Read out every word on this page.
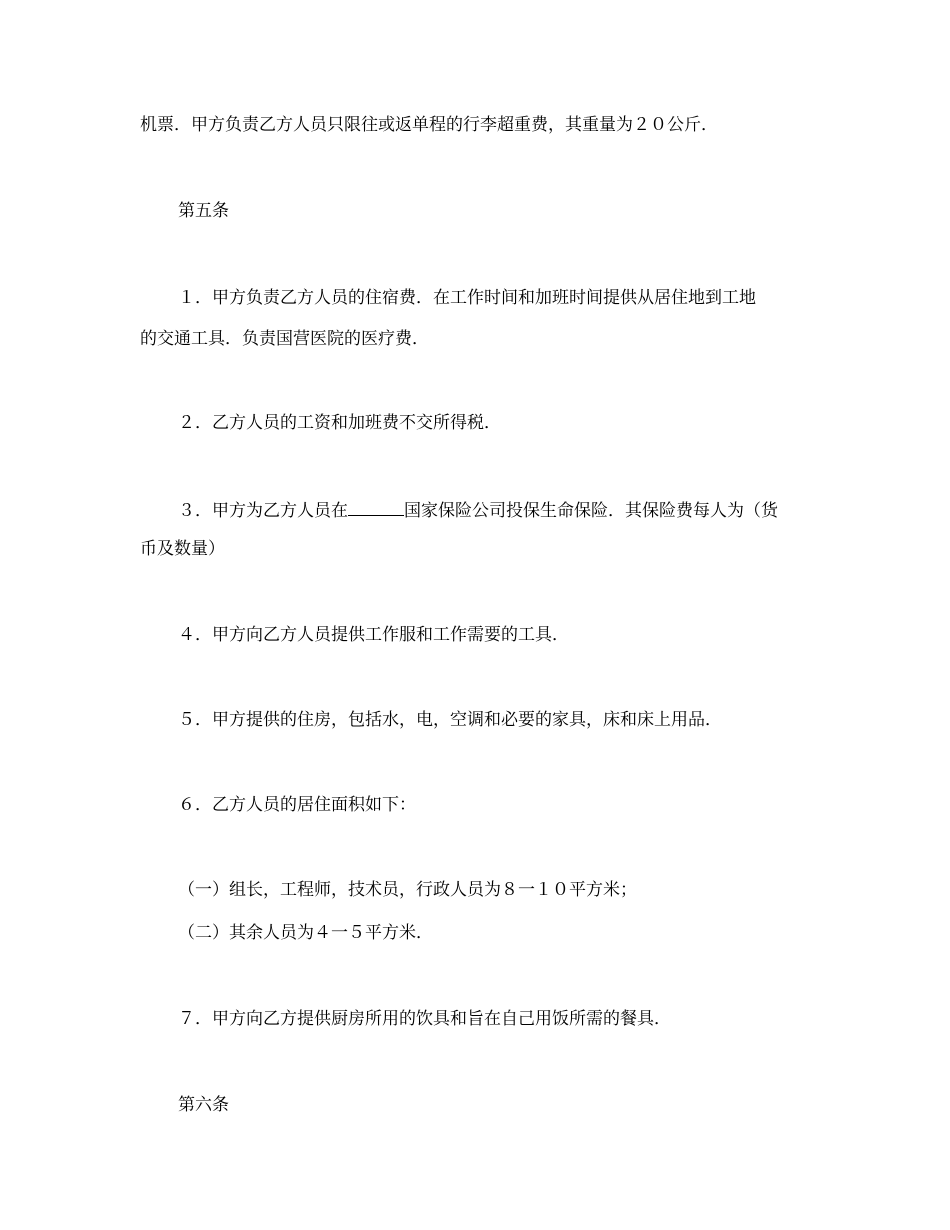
机票．甲方负责乙方人员只限往或返单程的行李超重费，其重量为２０公斤．
第五条
１．甲方负责乙方人员的住宿费．在工作时间和加班时间提供从居住地到工地
的交通工具．负责国营医院的医疗费．
２．乙方人员的工资和加班费不交所得税．
３．甲方为乙方人员在	国家保险公司投保生命保险．其保险费每人为（货
币及数量）
４．甲方向乙方人员提供工作服和工作需要的工具．
５．甲方提供的住房，包括水，电，空调和必要的家具，床和床上用品．
６．乙方人员的居住面积如下：
（一）组长，工程师，技术员，行政人员为８一１０平方米；
（二）其余人员为４一５平方米．
７．甲方向乙方提供厨房所用的饮具和旨在自己用饭所需的餐具．
第六条
